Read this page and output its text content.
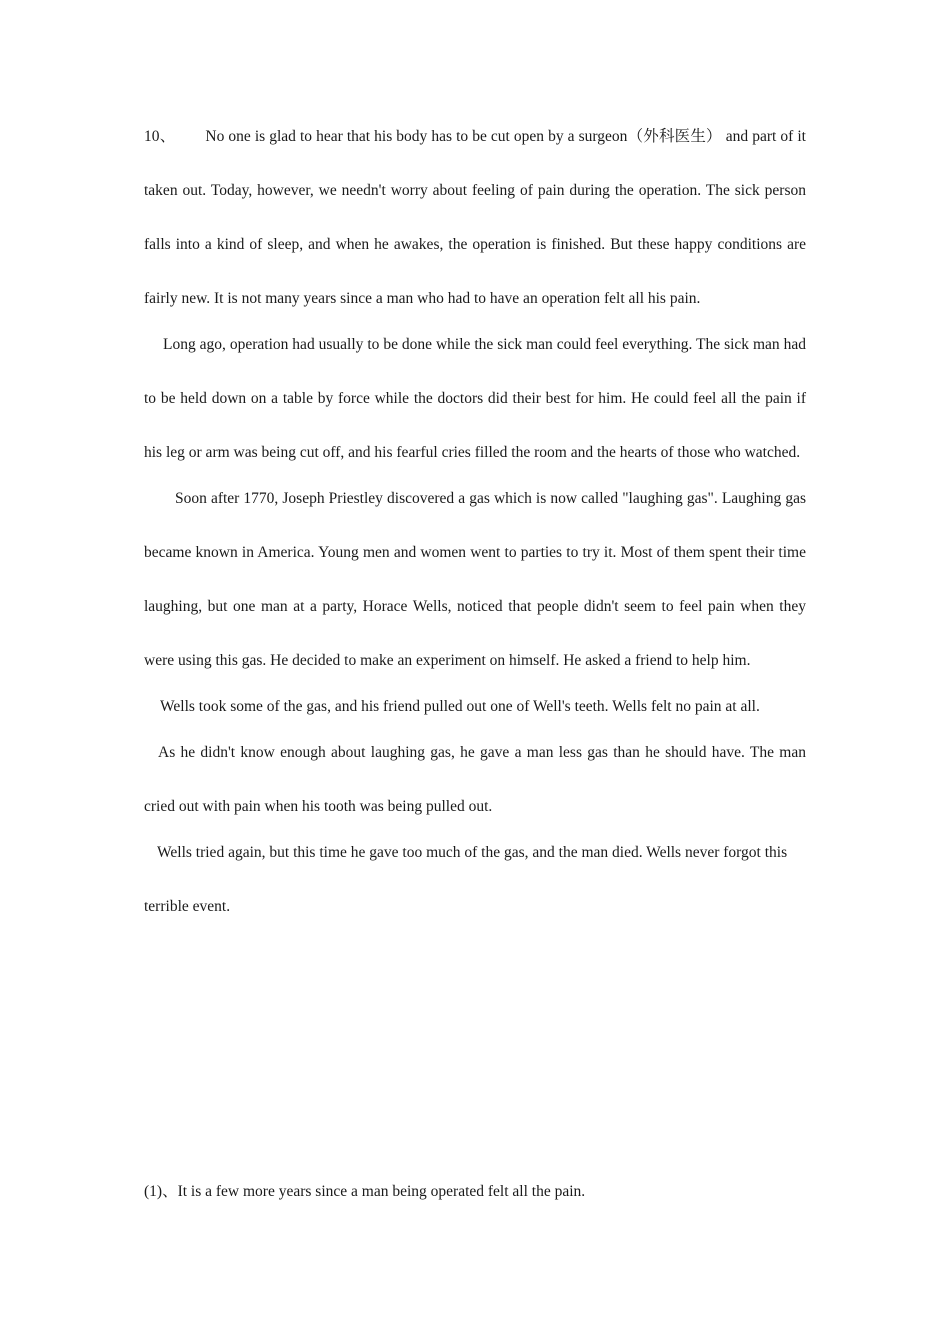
10、 No one is glad to hear that his body has to be cut open by a surgeon（外科医生） and part of it taken out. Today, however, we needn't worry about feeling of pain during the operation. The sick person falls into a kind of sleep, and when he awakes, the operation is finished. But these happy conditions are fairly new. It is not many years since a man who had to have an operation felt all his pain.

Long ago, operation had usually to be done while the sick man could feel everything. The sick man had to be held down on a table by force while the doctors did their best for him. He could feel all the pain if his leg or arm was being cut off, and his fearful cries filled the room and the hearts of those who watched.

Soon after 1770, Joseph Priestley discovered a gas which is now called "laughing gas". Laughing gas became known in America. Young men and women went to parties to try it. Most of them spent their time laughing, but one man at a party, Horace Wells, noticed that people didn't seem to feel pain when they were using this gas. He decided to make an experiment on himself. He asked a friend to help him.

Wells took some of the gas, and his friend pulled out one of Well's teeth. Wells felt no pain at all.

As he didn't know enough about laughing gas, he gave a man less gas than he should have. The man cried out with pain when his tooth was being pulled out.

Wells tried again, but this time he gave too much of the gas, and the man died. Wells never forgot this terrible event.

(1)、It is a few more years since a man being operated felt all the pain.
